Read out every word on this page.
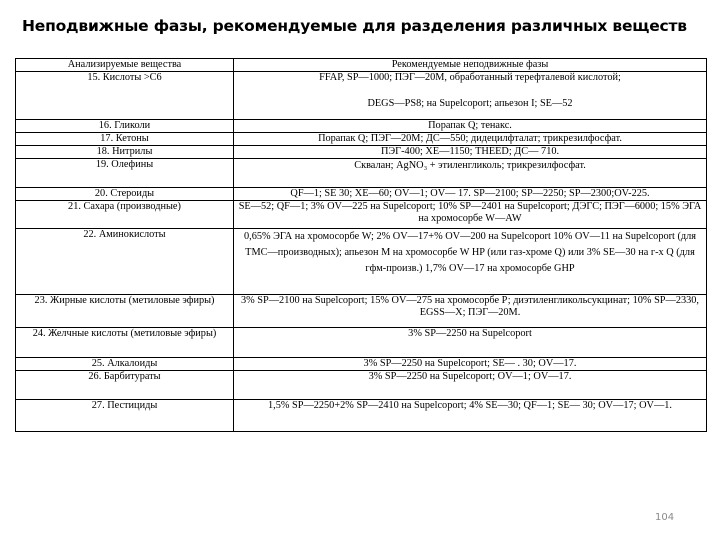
Неподвижные фазы, рекомендуемые для разделения различных веществ
Анализируемые вещества	Рекомендуемые неподвижные фазы
15. Кислоты >С6	FFAP, SP—1000; ПЭГ—20М, обработанный терефталевой кислотой;
DEGS—PS8; на Supelcoport; апьезон I; SE—52
16. Гликоли	Порапак Q; тенакс.
17. Кетоны	Порапак Q; ПЭГ—20М; ДС—550; дидецилфталат; трикрезилфосфат.
18. Нитрилы	ПЭГ-400; ХЕ—1150; THEED; ДС— 710.
19. Олефины	Сквалан; AgNO₃ + этиленгликоль; трикрезилфосфат.
20. Стероиды	QF—1; SE 30; ХЕ—60; OV—1; OV— 17. SP—2100; SP—2250; SP—2300;OV-225.
21. Сахара (производные)	SE—52; QF—1; 3% OV—225 на Supelcoport; 10% SP—2401 на Supelcoport; ДЭГС; ПЭГ—6000; 15% ЭГА на хромосорбе W—AW
22. Аминокислоты	0,65% ЭГА на хромосорбе W; 2% OV—17+% OV—200 на Supelcoport 10% OV—11 на Supelcoport (для TMC—производных); апьезон М на хромосорбе W HP (или газ-хроме Q) или 3% SE—30 на г-х Q (для гфм-произв.) 1,7% OV—17 на хромосорбе GHP
23. Жирные кислоты (метиловые эфиры)	3% SP—2100 на Supelcoport; 15% OV—275 на хромосорбе Р; диэтиленгликольсукцинат; 10% SP—2330, EGSS—X; ПЭГ—20М.
24. Желчные кислоты (метиловые эфиры)	3% SP—2250 на Supelcoport
25. Алкалоиды	3% SP—2250 на Supelcoport; SE— . 30; OV—17.
26. Барбитураты	3% SP—2250 на Supelcoport; OV—1; OV—17.
27. Пестициды	1,5% SP—2250+2% SP—2410 на Supelcoport; 4% SE—30; QF—1; SE— 30; OV—17; OV—1.
104
